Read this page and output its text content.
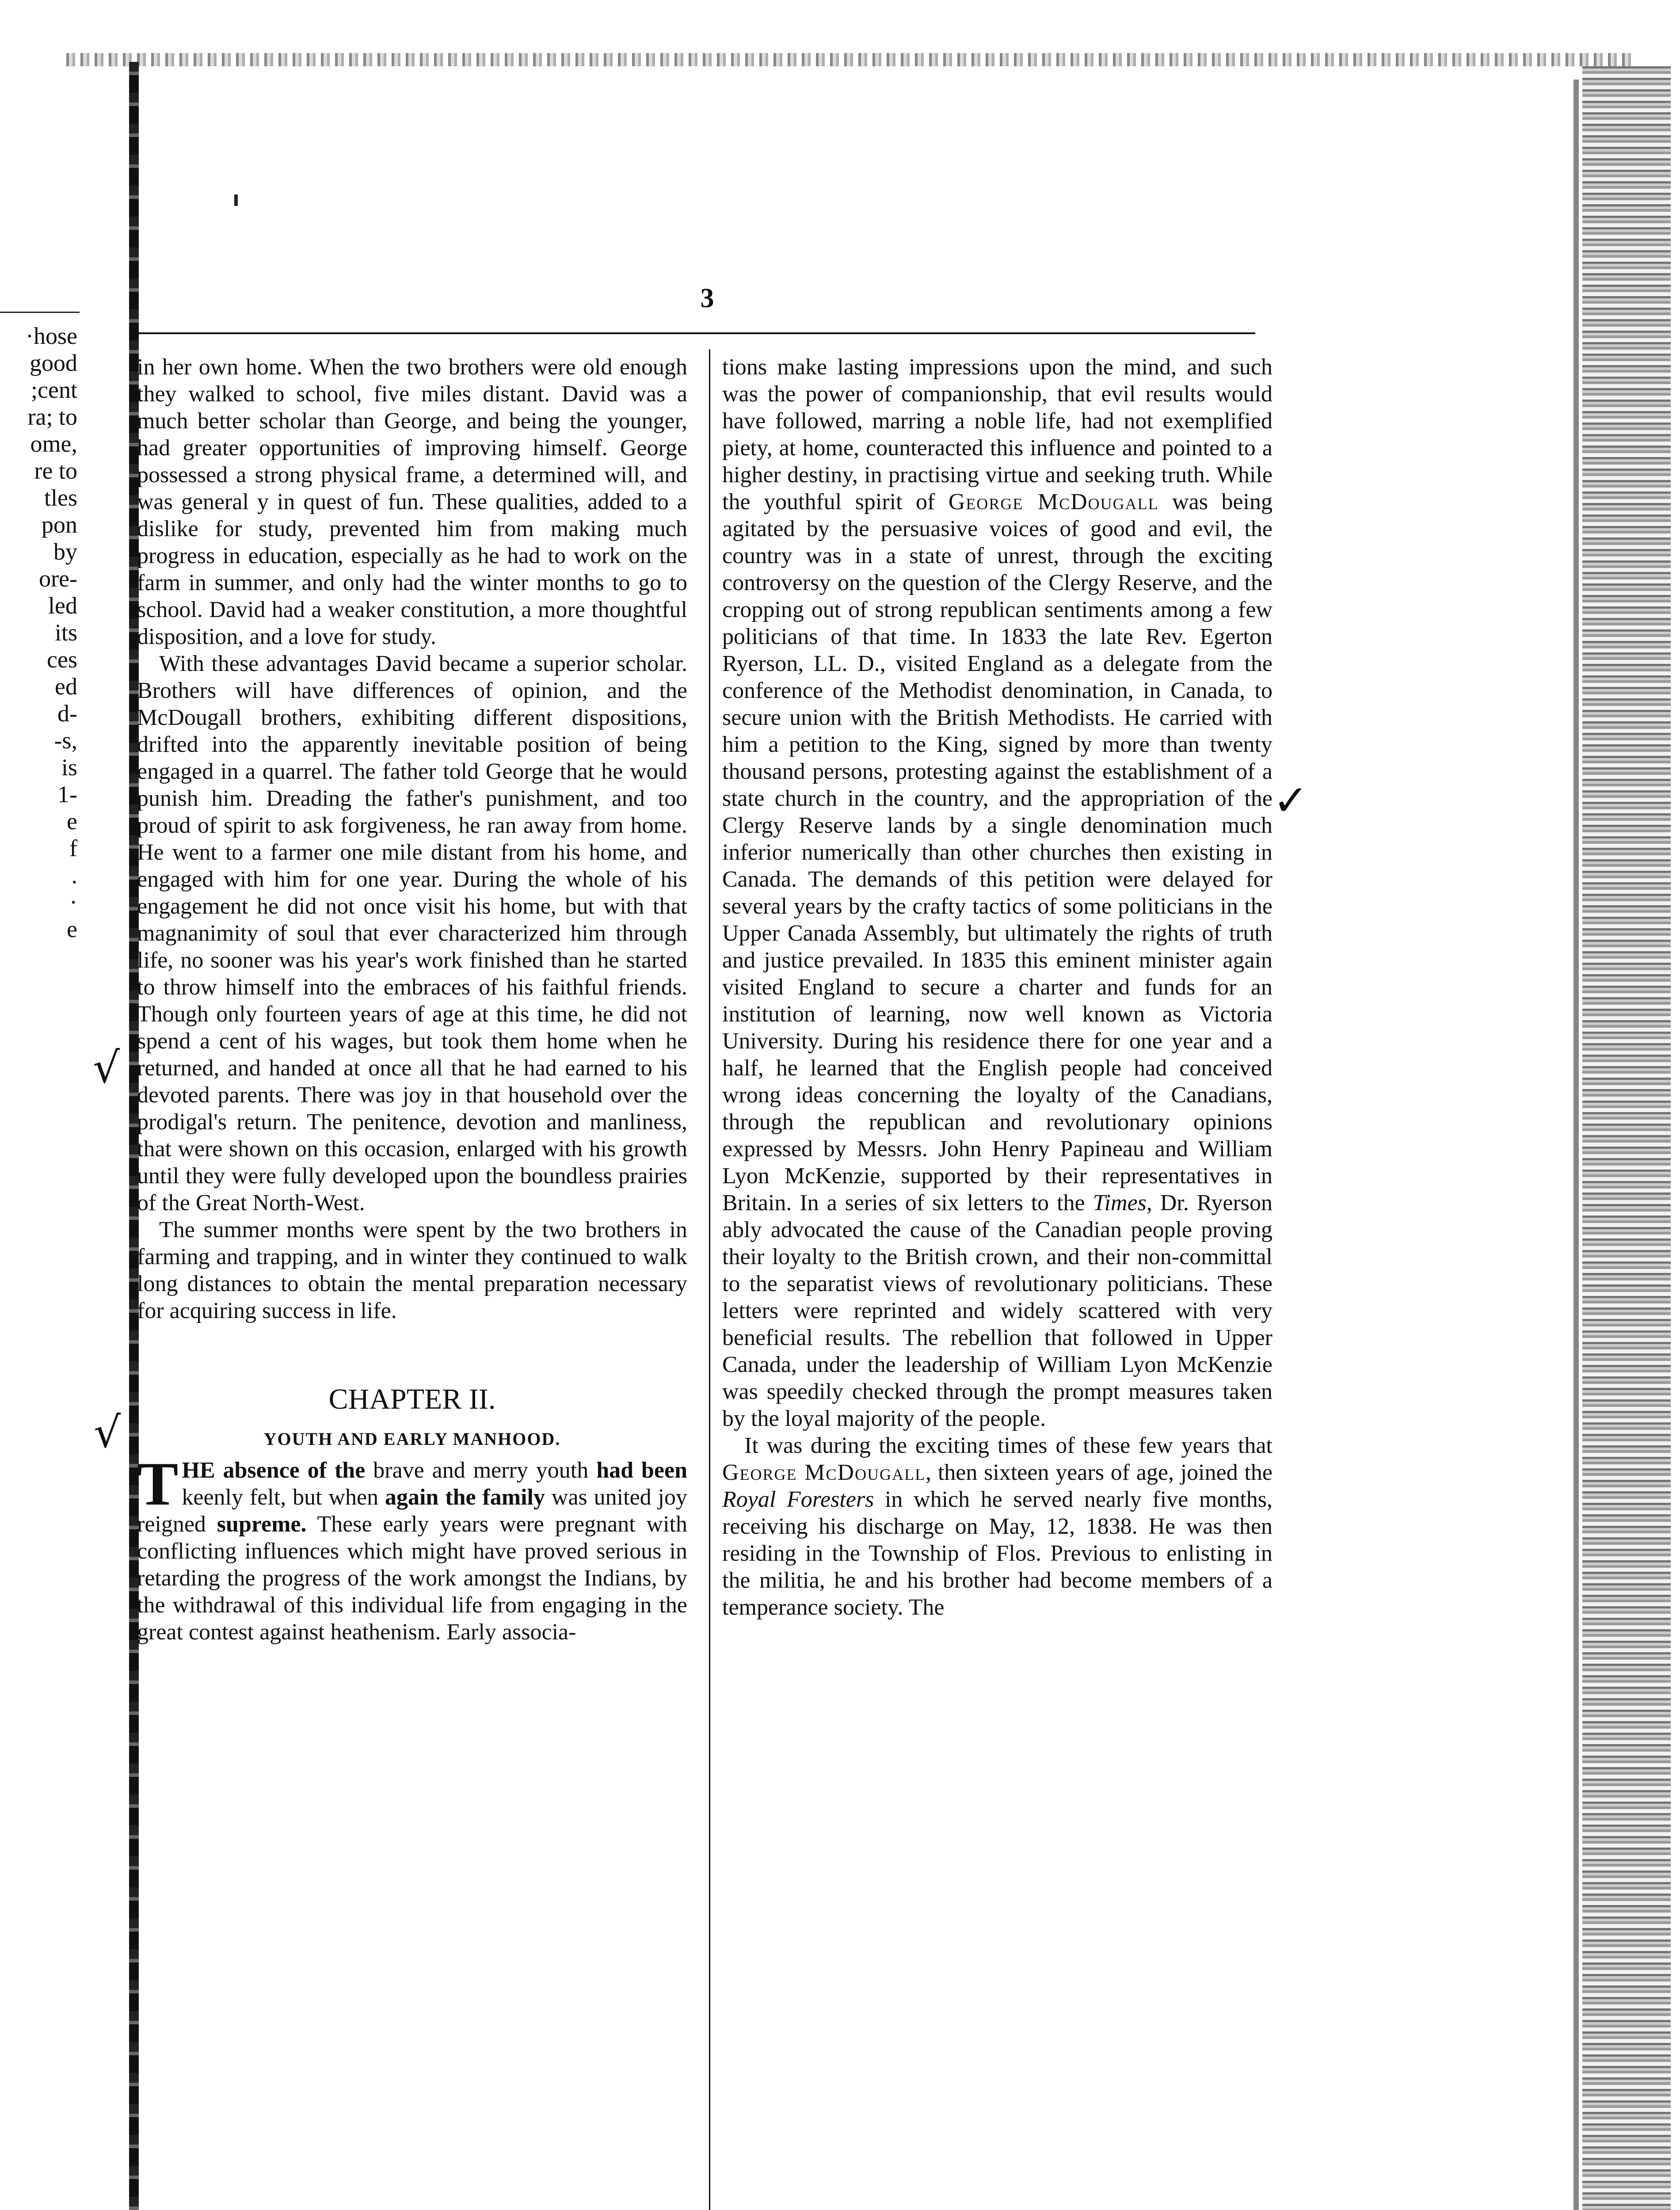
·hose
good
;cent
ra; to
ome,
re to
tles
pon
by
ore-
led
its
ces
ed
d-
-s,
is
1-
e
f
.
·
e
3

in her own home. When the two brothers were old enough they walked to school, five miles distant. David was a much better scholar than George, and being the younger, had greater opportunities of improving himself. George possessed a strong physical frame, a determined will, and was general y in quest of fun. These qualities, added to a dislike for study, prevented him from making much progress in education, especially as he had to work on the farm in summer, and only had the winter months to go to school. David had a weaker constitution, a more thoughtful disposition, and a love for study.

With these advantages David became a superior scholar. Brothers will have differences of opinion, and the McDougall brothers, exhibiting different dispositions, drifted into the apparently inevitable position of being engaged in a quarrel. The father told George that he would punish him. Dreading the father's punishment, and too proud of spirit to ask forgiveness, he ran away from home. He went to a farmer one mile distant from his home, and engaged with him for one year. During the whole of his engagement he did not once visit his home, but with that magnanimity of soul that ever characterized him through life, no sooner was his year's work finished than he started to throw himself into the embraces of his faithful friends. Though only fourteen years of age at this time, he did not spend a cent of his wages, but took them home when he returned, and handed at once all that he had earned to his devoted parents. There was joy in that household over the prodigal's return. The penitence, devotion and manliness, that were shown on this occasion, enlarged with his growth until they were fully developed upon the boundless prairies of the Great North-West.

The summer months were spent by the two brothers in farming and trapping, and in winter they continued to walk long distances to obtain the mental preparation necessary for acquiring success in life.

CHAPTER II.
YOUTH AND EARLY MANHOOD.

THE absence of the brave and merry youth had been keenly felt, but when again the family was united joy reigned supreme. These early years were pregnant with conflicting influences which might have proved serious in retarding the progress of the work amongst the Indians, by the withdrawal of this individual life from engaging in the great contest against heathenism. Early associa-

tions make lasting impressions upon the mind, and such was the power of companionship, that evil results would have followed, marring a noble life, had not exemplified piety, at home, counteracted this influence and pointed to a higher destiny, in practising virtue and seeking truth. While the youthful spirit of George McDougall was being agitated by the persuasive voices of good and evil, the country was in a state of unrest, through the exciting controversy on the question of the Clergy Reserve, and the cropping out of strong republican sentiments among a few politicians of that time. In 1833 the late Rev. Egerton Ryerson, LL. D., visited England as a delegate from the conference of the Methodist denomination, in Canada, to secure union with the British Methodists. He carried with him a petition to the King, signed by more than twenty thousand persons, protesting against the establishment of a state church in the country, and the appropriation of the Clergy Reserve lands by a single denomination much inferior numerically than other churches then existing in Canada. The demands of this petition were delayed for several years by the crafty tactics of some politicians in the Upper Canada Assembly, but ultimately the rights of truth and justice prevailed. In 1835 this eminent minister again visited England to secure a charter and funds for an institution of learning, now well known as Victoria University. During his residence there for one year and a half, he learned that the English people had conceived wrong ideas concerning the loyalty of the Canadians, through the republican and revolutionary opinions expressed by Messrs. John Henry Papineau and William Lyon McKenzie, supported by their representatives in Britain. In a series of six letters to the Times, Dr. Ryerson ably advocated the cause of the Canadian people proving their loyalty to the British crown, and their non-committal to the separatist views of revolutionary politicians. These letters were reprinted and widely scattered with very beneficial results. The rebellion that followed in Upper Canada, under the leadership of William Lyon McKenzie was speedily checked through the prompt measures taken by the loyal majority of the people.

It was during the exciting times of these few years that George McDougall, then sixteen years of age, joined the Royal Foresters in which he served nearly five months, receiving his discharge on May, 12, 1838. He was then residing in the Township of Flos. Previous to enlisting in the militia, he and his brother had become members of a temperance society. The

√
√
✓
